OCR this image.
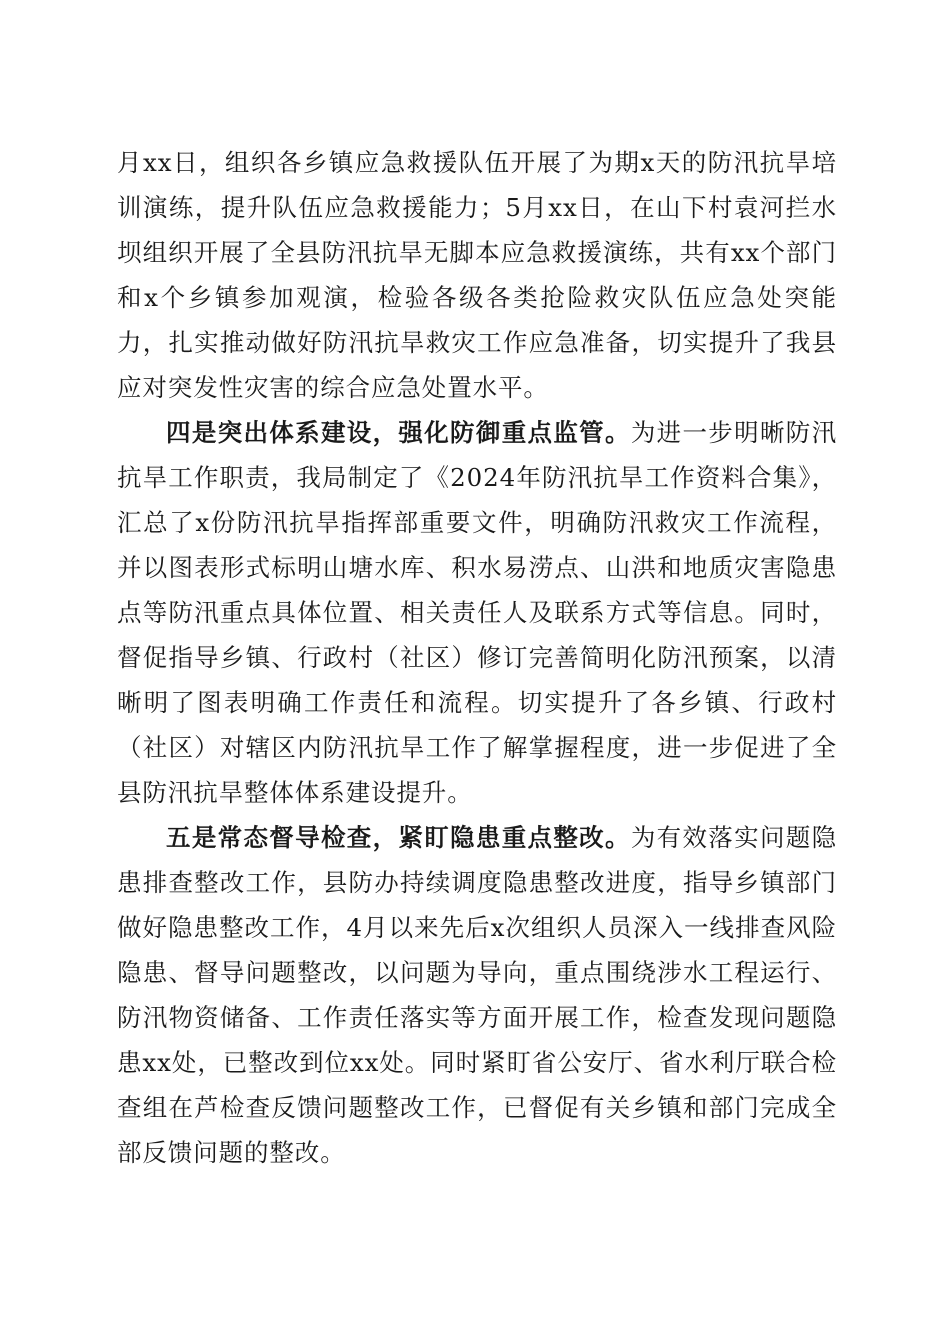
月xx日，组织各乡镇应急救援队伍开展了为期x天的防汛抗旱培训演练，提升队伍应急救援能力；5月xx日，在山下村袁河拦水坝组织开展了全县防汛抗旱无脚本应急救援演练，共有xx个部门和x个乡镇参加观演，检验各级各类抢险救灾队伍应急处突能力，扎实推动做好防汛抗旱救灾工作应急准备，切实提升了我县应对突发性灾害的综合应急处置水平。

四是突出体系建设，强化防御重点监管。为进一步明晰防汛抗旱工作职责，我局制定了《2024年防汛抗旱工作资料合集》，汇总了x份防汛抗旱指挥部重要文件，明确防汛救灾工作流程，并以图表形式标明山塘水库、积水易涝点、山洪和地质灾害隐患点等防汛重点具体位置、相关责任人及联系方式等信息。同时，督促指导乡镇、行政村（社区）修订完善简明化防汛预案，以清晰明了图表明确工作责任和流程。切实提升了各乡镇、行政村（社区）对辖区内防汛抗旱工作了解掌握程度，进一步促进了全县防汛抗旱整体体系建设提升。

五是常态督导检查，紧盯隐患重点整改。为有效落实问题隐患排查整改工作，县防办持续调度隐患整改进度，指导乡镇部门做好隐患整改工作，4月以来先后x次组织人员深入一线排查风险隐患、督导问题整改，以问题为导向，重点围绕涉水工程运行、防汛物资储备、工作责任落实等方面开展工作，检查发现问题隐患xx处，已整改到位xx处。同时紧盯省公安厅、省水利厅联合检查组在芦检查反馈问题整改工作，已督促有关乡镇和部门完成全部反馈问题的整改。
